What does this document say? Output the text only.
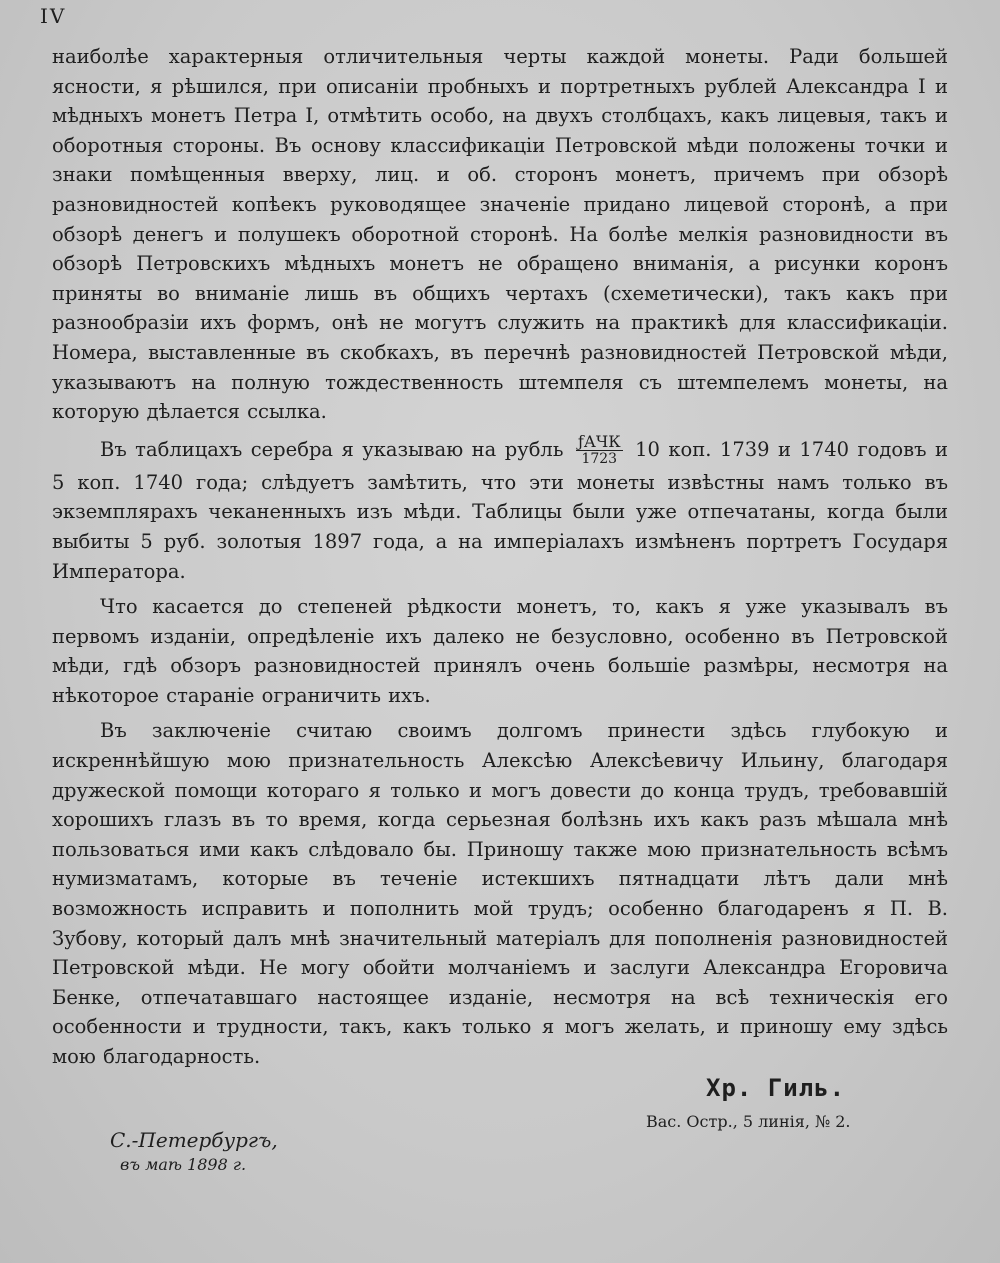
IV

наиболѣе характерныя отличительныя черты каждой монеты. Ради большей ясности, я рѣшился, при описаніи пробныхъ и портретныхъ рублей Александра I и мѣдныхъ монетъ Петра I, отмѣтить особо, на двухъ столбцахъ, какъ лицевыя, такъ и оборотныя стороны. Въ основу классификаціи Петровской мѣди положены точки и знаки помѣщенныя вверху, лиц. и об. сторонъ монетъ, причемъ при обзорѣ разновидностей копѣекъ руководящее значеніе придано лицевой сторонѣ, а при обзорѣ денегъ и полушекъ оборотной сторонѣ. На болѣе мелкія разновидности въ обзорѣ Петровскихъ мѣдныхъ монетъ не обращено вниманія, а рисунки коронъ приняты во вниманіе лишь въ общихъ чертахъ (схеметически), такъ какъ при разнообразіи ихъ формъ, онѣ не могутъ служить на практикѣ для классификаціи. Номера, выставленные въ скобкахъ, въ перечнѣ разновидностей Петровской мѣди, указываютъ на полную тождественность штемпеля съ штемпелемъ монеты, на которую дѣлается ссылка.

Въ таблицахъ серебра я указываю на рубль $\frac{\text{ƒАЧК}}{1723} 10$ коп. 1739 и 1740 годовъ и 5 коп. 1740 года; слѣдуетъ замѣтить, что эти монеты извѣстны намъ только въ экземплярахъ чеканенныхъ изъ мѣди. Таблицы были уже отпечатаны, когда были выбиты 5 руб. золотыя 1897 года, а на имперіалахъ измѣненъ портретъ Государя Императора.

Что касается до степеней рѣдкости монетъ, то, какъ я уже указывалъ въ первомъ изданіи, опредѣленіе ихъ далеко не безусловно, особенно въ Петровской мѣди, гдѣ обзоръ разновидностей принялъ очень большіе размѣры, несмотря на нѣкоторое стараніе ограничить ихъ.

Въ заключеніе считаю своимъ долгомъ принести здѣсь глубокую и искреннѣйшую мою признательность Алексѣю Алексѣевичу Ильину, благодаря дружеской помощи котораго я только и могъ довести до конца трудъ, требовавшій хорошихъ глазъ въ то время, когда серьезная болѣзнь ихъ какъ разъ мѣшала мнѣ пользоваться ими какъ слѣдовало бы. Приношу также мою признательность всѣмъ нумизматамъ, которые въ теченіе истекшихъ пятнадцати лѣтъ дали мнѣ возможность исправить и пополнить мой трудъ; особенно благодаренъ я П. В. Зубову, который далъ мнѣ значительный матеріалъ для пополненія разновидностей Петровской мѣди. Не могу обойти молчаніемъ и заслуги Александра Егоровича Бенке, отпечатавшаго настоящее изданіе, несмотря на всѣ техническія его особенности и трудности, такъ, какъ только я могъ желать, и приношу ему здѣсь мою благодарность.

Хр. Гиль.
Вас. Остр., 5 линія, № 2.
С.-Петербургъ,
въ маѣ 1898 г.
